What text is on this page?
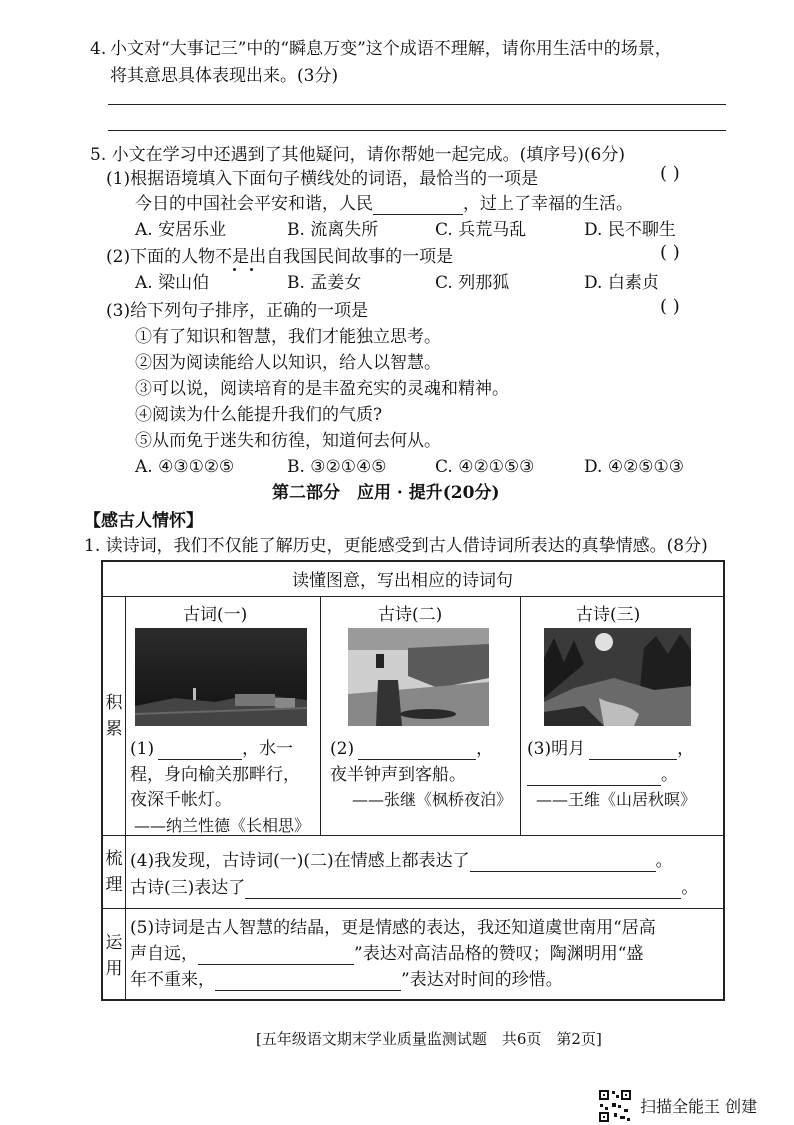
4. 小文对“大事记三”中的“瞬息万变”这个成语不理解，请你用生活中的场景，
将其意思具体表现出来。(3分)
5. 小文在学习中还遇到了其他疑问，请你帮她一起完成。(填序号)(6分)
(1)根据语境填入下面句子横线处的词语，最恰当的一项是	( )
今日的中国社会平安和谐，人民	，过上了幸福的生活。
A. 安居乐业	B. 流离失所	C. 兵荒马乱	D. 民不聊生
(2)下面的人物不是出自我国民间故事的一项是	( )
A. 梁山伯	B. 孟姜女	C. 列那狐	D. 白素贞
(3)给下列句子排序，正确的一项是	( )
①有了知识和智慧，我们才能独立思考。
②因为阅读能给人以知识，给人以智慧。
③可以说，阅读培育的是丰盈充实的灵魂和精神。
④阅读为什么能提升我们的气质?
⑤从而免于迷失和彷徨，知道何去何从。
A. ④③①②⑤	B. ③②①④⑤	C. ④②①⑤③	D. ④②⑤①③
第二部分　应用 · 提升(20分)
【感古人情怀】
1. 读诗词，我们不仅能了解历史，更能感受到古人借诗词所表达的真挚情感。(8分)
读懂图意，写出相应的诗词句
积
累
梳
理
运
用
古词(一)	古诗(二)	古诗(三)
(1)	，水一
程，身向榆关那畔行，
夜深千帐灯。
——纳兰性德《长相思》
(2)	，
夜半钟声到客船。
——张继《枫桥夜泊》
(3)明月	，
。
——王维《山居秋暝》
(4)我发现，古诗词(一)(二)在情感上都表达了	。
古诗(三)表达了	。
(5)诗词是古人智慧的结晶，更是情感的表达，我还知道虞世南用“居高
声自远，	”表达对高洁品格的赞叹；陶渊明用“盛
年不重来，	”表达对时间的珍惜。
[五年级语文期末学业质量监测试题　共6页　第2页]
扫描全能王 创建
